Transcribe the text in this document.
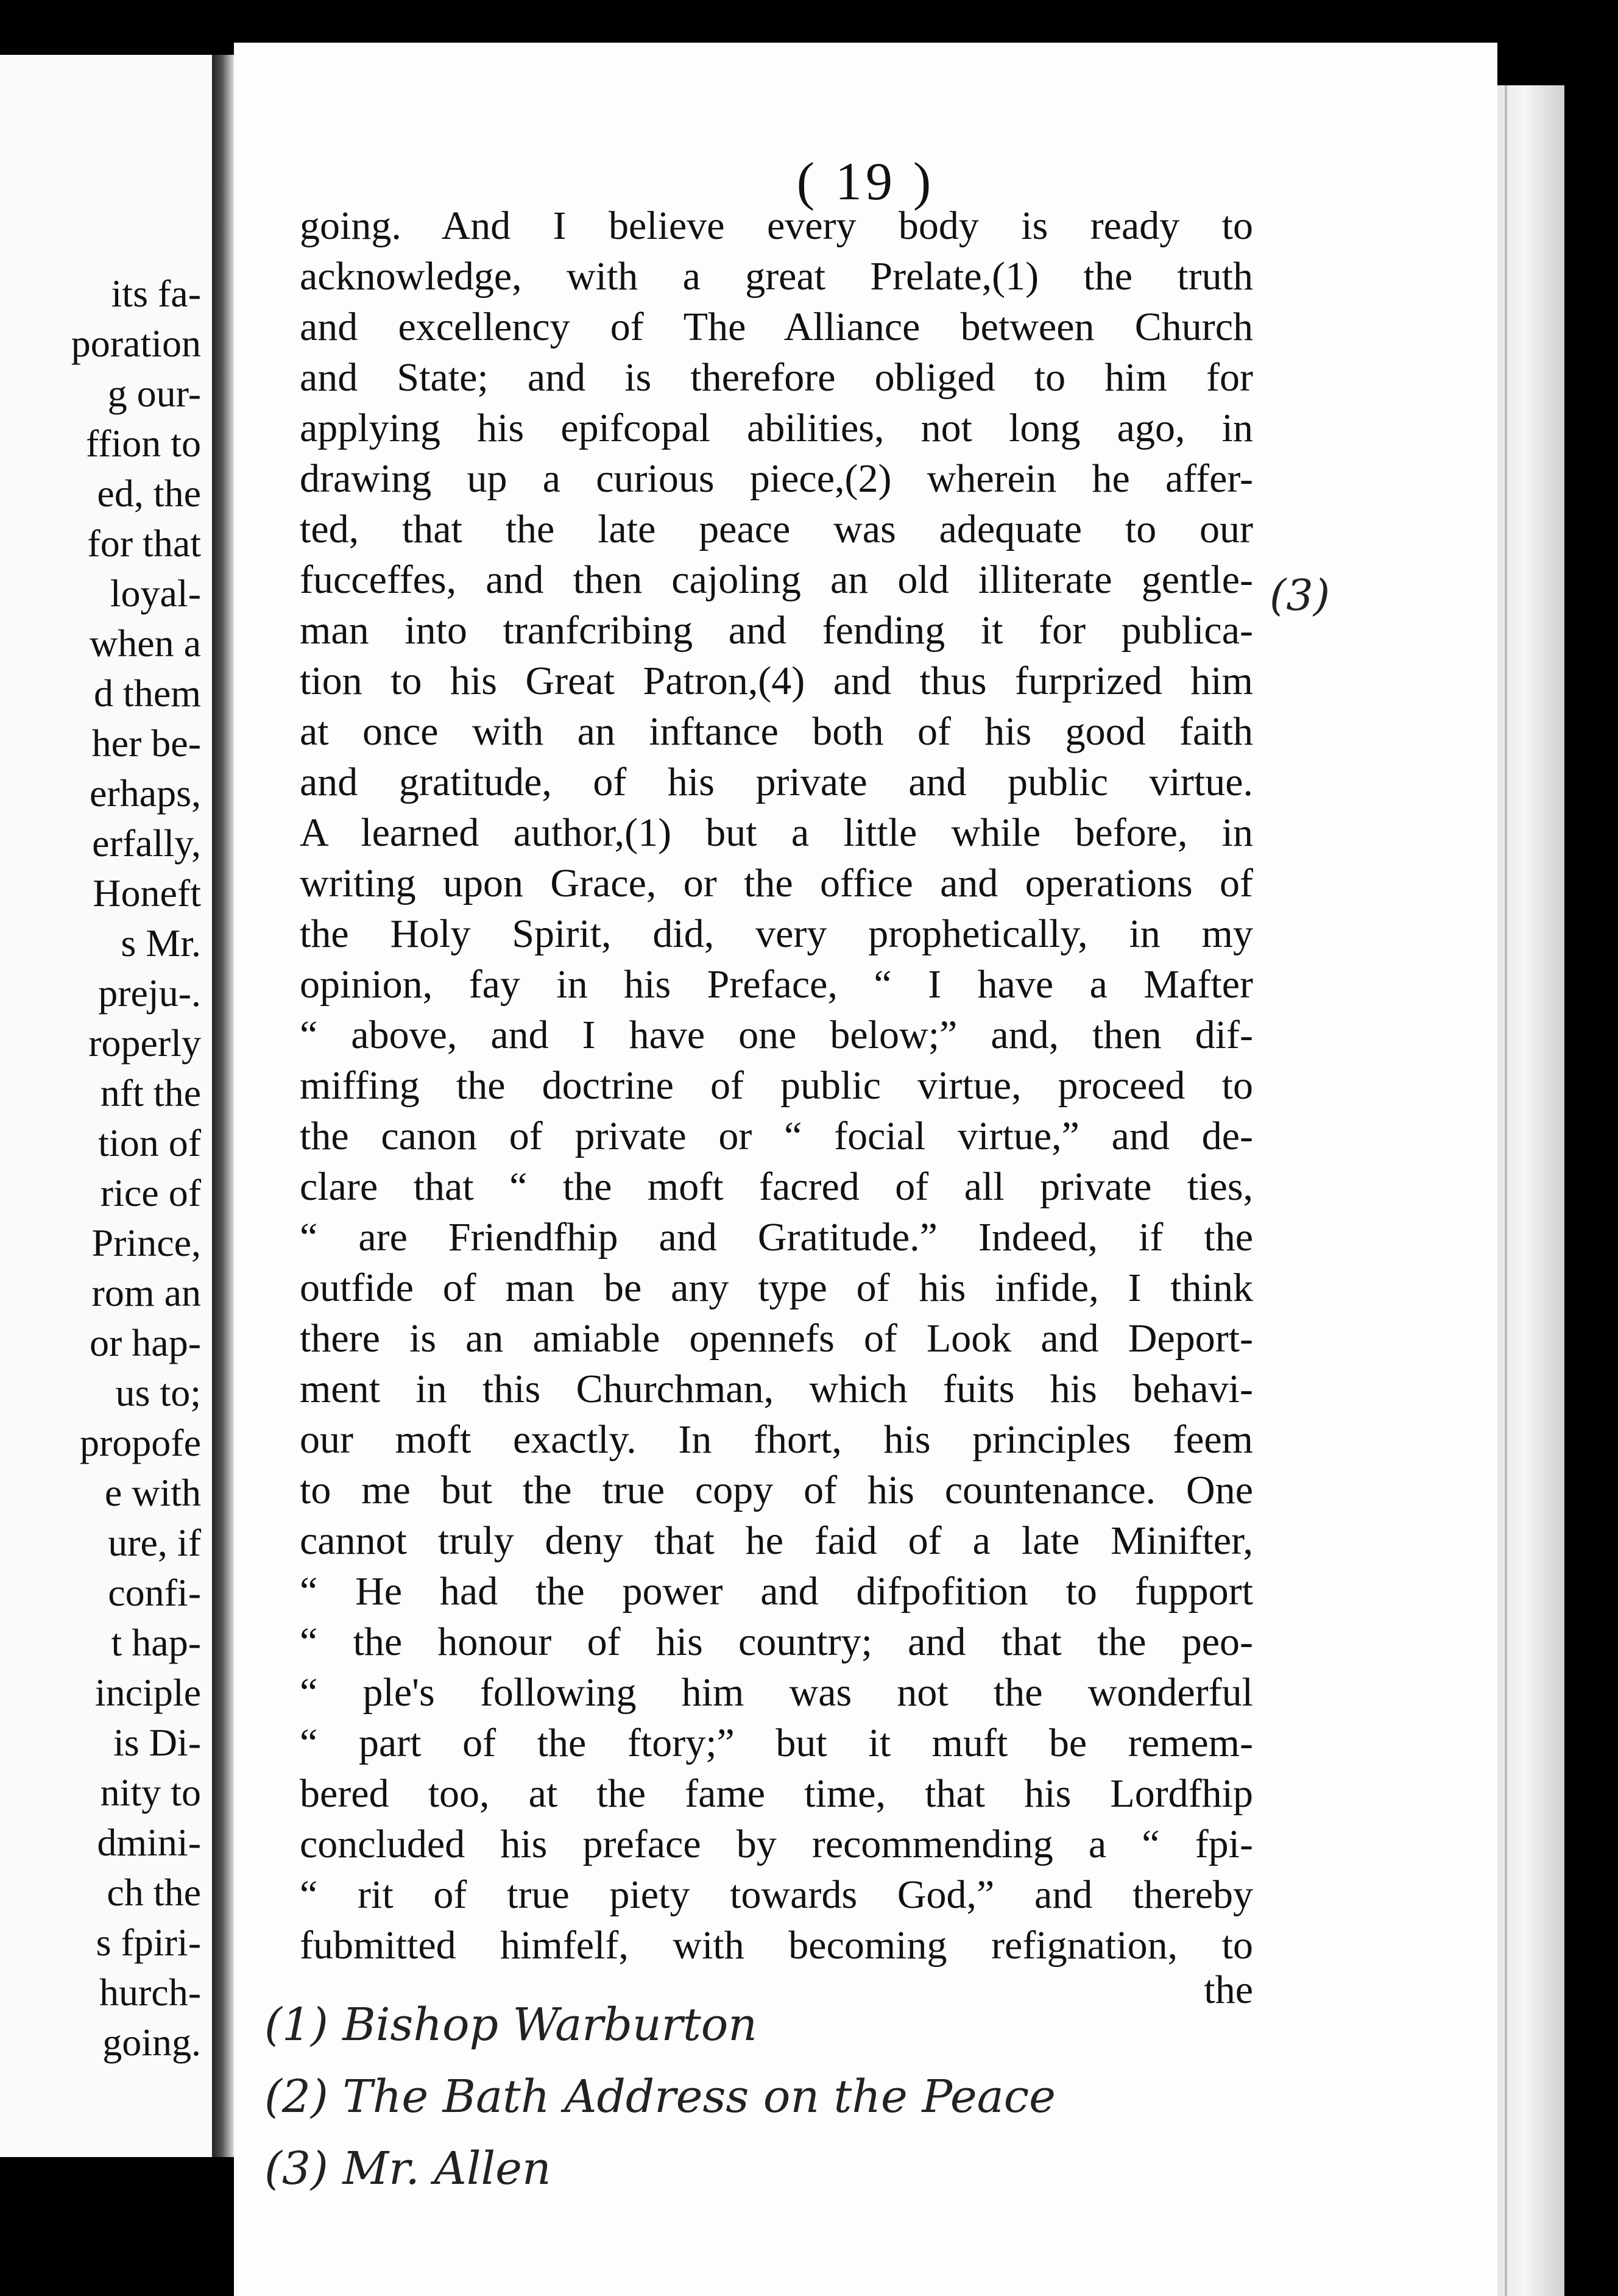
its fa-
poration
g our-
ffion to
ed, the
for that
loyal-
when a
d them
her be-
erhaps,
erfally,
Honeft
s Mr.
preju-.
roperly
nft the
tion of
rice of
Prince,
rom an
or hap-
us to;
propofe
e with
ure, if
confi-
t hap-
inciple
is Di-
nity to
dmini-
ch the
s fpiri-
hurch-
going.
( 19 )
(3)
going. And I believe every body is ready to
acknowledge, with a great Prelate,(1) the truth
and excellency of The Alliance between Church
and State; and is therefore obliged to him for
applying his epifcopal abilities, not long ago, in
drawing up a curious piece,(2) wherein he affer-
ted, that the late peace was adequate to our
fucceffes, and then cajoling an old illiterate gentle-
man into tranfcribing and fending it for publica-
tion to his Great Patron,(4) and thus furprized him
at once with an inftance both of his good faith
and gratitude, of his private and public virtue.
A learned author,(1) but a little while before, in
writing upon Grace, or the office and operations of
the Holy Spirit, did, very prophetically, in my
opinion, fay in his Preface, “ I have a Mafter
“ above, and I have one below;” and, then dif-
miffing the doctrine of public virtue, proceed to
the canon of private or “ focial virtue,” and de-
clare that “ the moft facred of all private ties,
“ are Friendfhip and Gratitude.” Indeed, if the
outfide of man be any type of his infide, I think
there is an amiable opennefs of Look and Deport-
ment in this Churchman, which fuits his behavi-
our moft exactly. In fhort, his principles feem
to me but the true copy of his countenance. One
cannot truly deny that he faid of a late Minifter,
“ He had the power and difpofition to fupport
“ the honour of his country; and that the peo-
“ ple's following him was not the wonderful
“ part of the ftory;” but it muft be remem-
bered too, at the fame time, that his Lordfhip
concluded his preface by recommending a “ fpi-
“ rit of true piety towards God,” and thereby
fubmitted himfelf, with becoming refignation, to
the
(1) Bishop Warburton
(2) The Bath Address on the Peace
(3) Mr. Allen
